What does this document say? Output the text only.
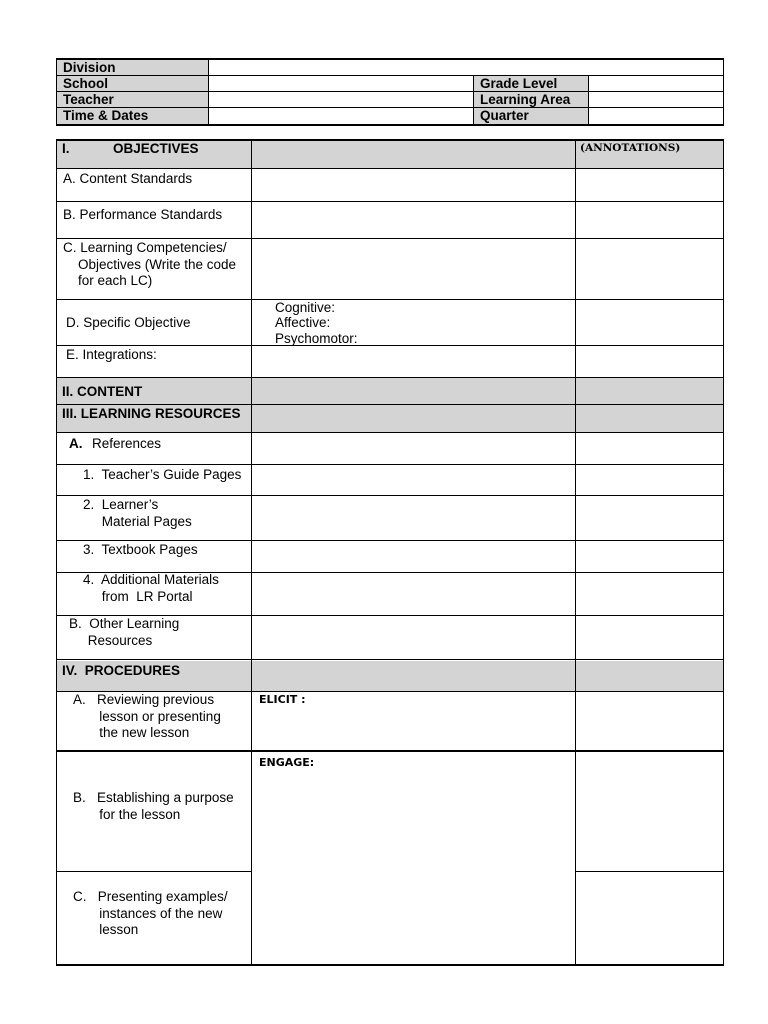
Division
School
Teacher
Time & Dates
Grade Level
Learning Area
Quarter
I.	OBJECTIVES	(ANNOTATIONS)
A. Content Standards
B. Performance Standards
C. Learning Competencies/
Objectives (Write the code
for each LC)
D. Specific Objective
Cognitive:
Affective:
Psychomotor:
E. Integrations:
II. CONTENT
III. LEARNING RESOURCES
A. References
1.  Teacher’s Guide Pages
2.  Learner’s
Material Pages
3.  Textbook Pages
4.  Additional Materials
from  LR Portal
B.  Other Learning
Resources
IV.  PROCEDURES
A.   Reviewing previous
lesson or presenting
the new lesson
ELICIT :
ENGAGE:
B.   Establishing a purpose
for the lesson
C.   Presenting examples/
instances of the new
lesson
